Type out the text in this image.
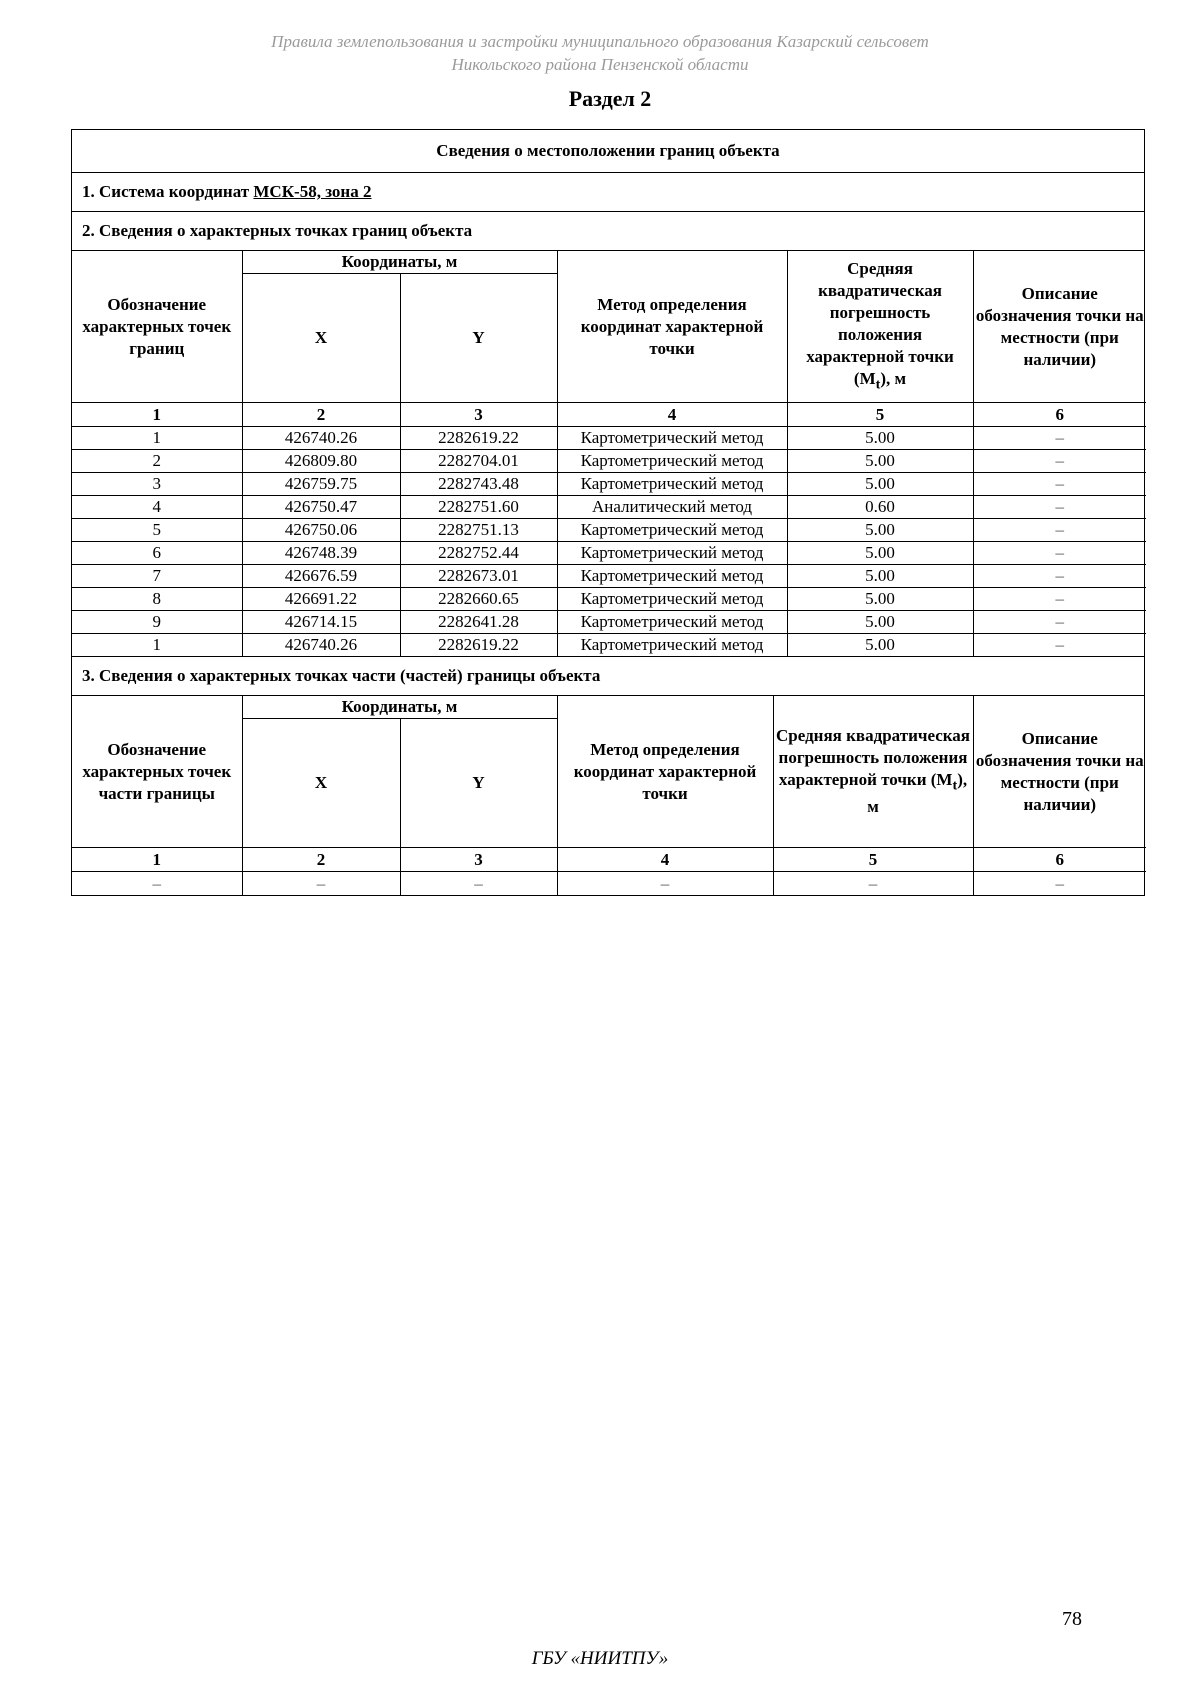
Правила землепользования и застройки муниципального образования Казарский сельсовет
Никольского района Пензенской области
Раздел 2
Сведения о местоположении границ объекта
1. Система координат МСК-58, зона 2
2. Сведения о характерных точках границ объекта

Обозначение характерных точек границ	Координаты, м	Метод определения координат характерной точки	Средняя квадратическая погрешность положения характерной точки $(M_t)$, м	Описание обозначения точки на местности (при наличии)
X	Y
1	2	3	4	5	6
1	426740.26	2282619.22	Картометрический метод	5.00	–
2	426809.80	2282704.01	Картометрический метод	5.00	–
3	426759.75	2282743.48	Картометрический метод	5.00	–
4	426750.47	2282751.60	Аналитический метод	0.60	–
5	426750.06	2282751.13	Картометрический метод	5.00	–
6	426748.39	2282752.44	Картометрический метод	5.00	–
7	426676.59	2282673.01	Картометрический метод	5.00	–
8	426691.22	2282660.65	Картометрический метод	5.00	–
9	426714.15	2282641.28	Картометрический метод	5.00	–
1	426740.26	2282619.22	Картометрический метод	5.00	–

3. Сведения о характерных точках части (частей) границы объекта

Обозначение характерных точек части границы	Координаты, м	Метод определения координат характерной точки	Средняя квадратическая погрешность положения характерной точки $(M_t)$, м	Описание обозначения точки на местности (при наличии)
X	Y
1	2	3	4	5	6
–	–	–	–	–	–
78
ГБУ «НИИТПУ»
